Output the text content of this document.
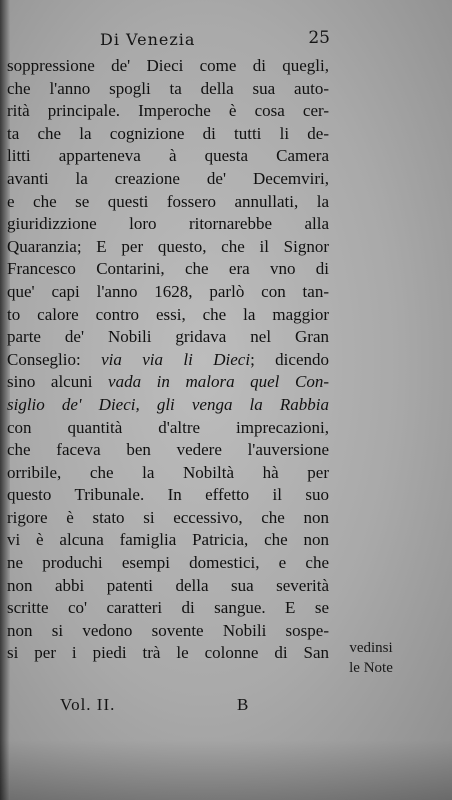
Di Venezia	25
soppressione de' Dieci come di quegli,
che l'anno spogli ta della sua auto-
rità principale. Imperoche è cosa cer-
ta che la cognizione di tutti li de-
litti apparteneva à questa Camera
avanti la creazione de' Decemviri,
e che se questi fossero annullati, la
giuridizzione loro ritornarebbe alla
Quaranzia; E per questo, che il Signor
Francesco Contarini, che era vno di
que' capi l'anno 1628, parlò con tan-
to calore contro essi, che la maggior
parte de' Nobili gridava nel Gran
Conseglio: via via li Dieci; dicendo
sino alcuni vada in malora quel Con-
siglio de' Dieci, gli venga la Rabbia
con quantità d'altre imprecazioni,
che faceva ben vedere l'auversione
orribile, che la Nobiltà hà per
questo Tribunale. In effetto il suo
rigore è stato si eccessivo, che non
vi è alcuna famiglia Patricia, che non
ne produchi esempi domestici, e che
non abbi patenti della sua severità
scritte co' caratteri di sangue. E se
non si vedono sovente Nobili sospe-
si per i piedi trà le colonne di San	vedinsi
le Note
Vol. II.	B
